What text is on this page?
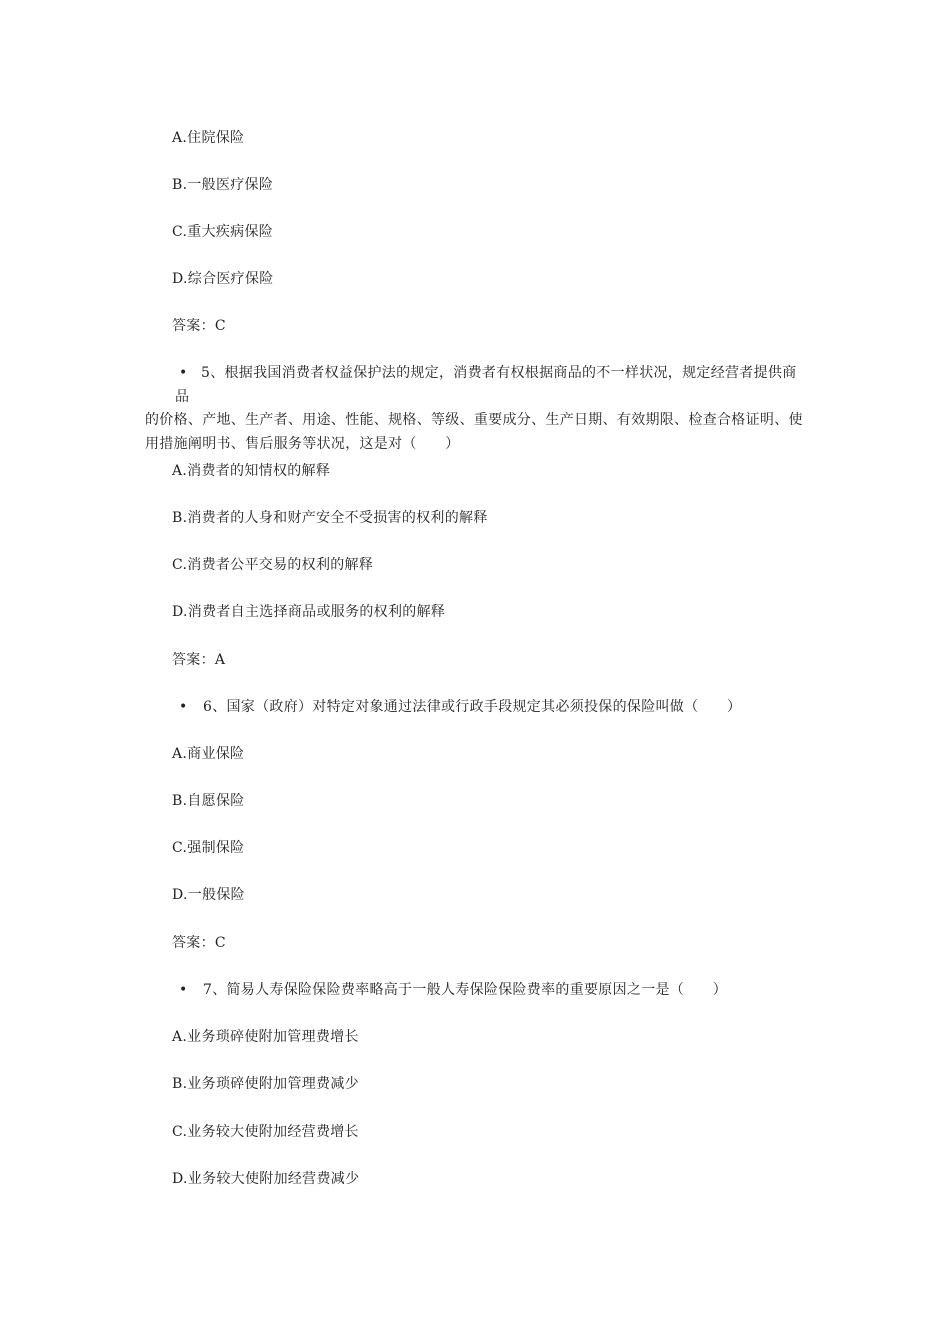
A.住院保险
B.一般医疗保险
C.重大疾病保险
D.综合医疗保险
答案：C
• 5、根据我国消费者权益保护法的规定，消费者有权根据商品的不一样状况，规定经营者提供商品
的价格、产地、生产者、用途、性能、规格、等级、重要成分、生产日期、有效期限、检查合格证明、使
用措施阐明书、售后服务等状况，这是对（　　）
A.消费者的知情权的解释
B.消费者的人身和财产安全不受损害的权利的解释
C.消费者公平交易的权利的解释
D.消费者自主选择商品或服务的权利的解释
答案：A
• 6、国家（政府）对特定对象通过法律或行政手段规定其必须投保的保险叫做（　　）
A.商业保险
B.自愿保险
C.强制保险
D.一般保险
答案：C
• 7、简易人寿保险保险费率略高于一般人寿保险保险费率的重要原因之一是（　　）
A.业务琐碎使附加管理费增长
B.业务琐碎使附加管理费减少
C.业务较大使附加经营费增长
D.业务较大使附加经营费减少
